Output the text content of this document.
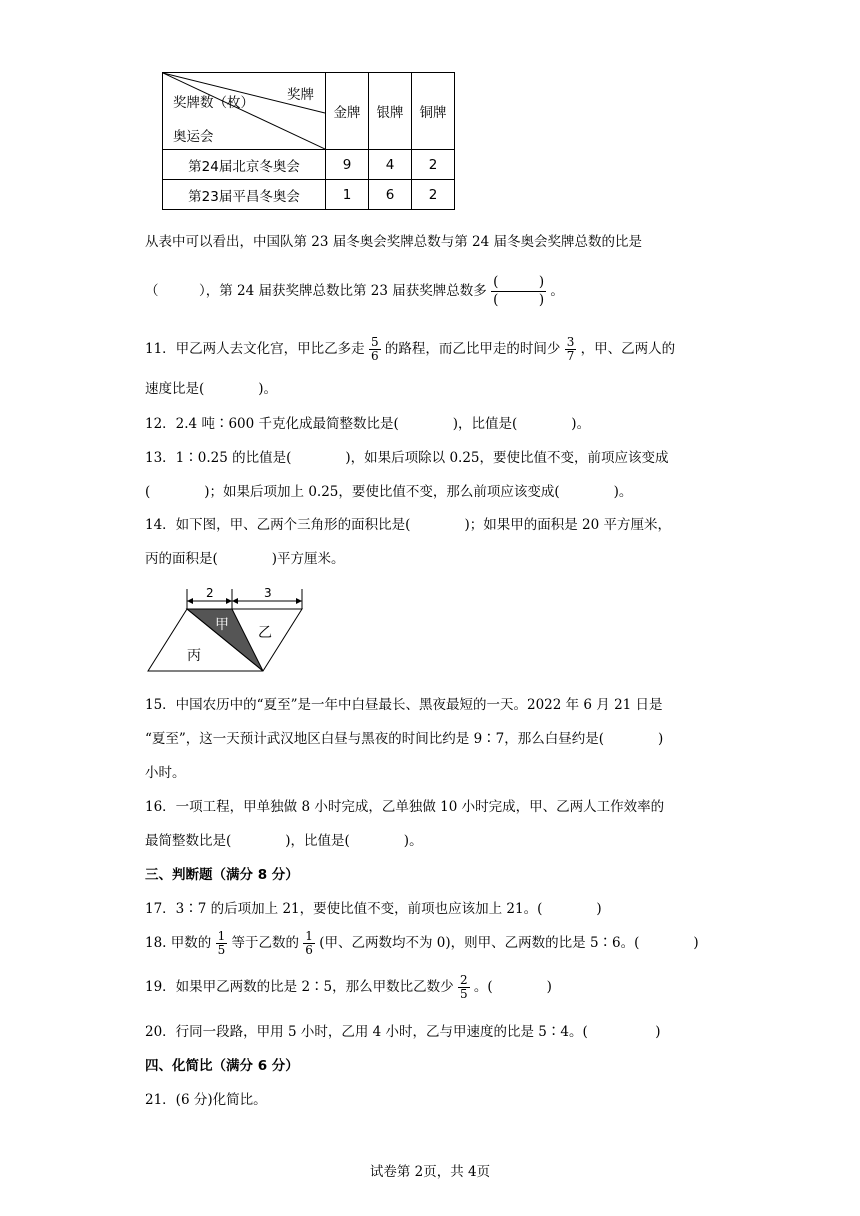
奖牌
奖牌数（枚）
奥运会	金牌	银牌	铜牌
第24届北京冬奥会	9	4	2
第23届平昌冬奥会	1	6	2
从表中可以看出，中国队第 23 届冬奥会奖牌总数与第 24 届冬奥会奖牌总数的比是
（　　　），第 24 届获奖牌总数比第 23 届获奖牌总数多 $\frac{( )}{( )}$ 。
11．甲乙两人去文化宫，甲比乙多走 $\frac{5}{6}$ 的路程，而乙比甲走的时间少 $\frac{3}{7}$ ，甲、乙两人的
速度比是(　　　　)。
12．2.4 吨∶600 千克化成最简整数比是(　　　　)，比值是(　　　　)。
13．1∶0.25 的比值是(　　　　)，如果后项除以 0.25，要使比值不变，前项应该变成
(　　　　)；如果后项加上 0.25，要使比值不变，那么前项应该变成(　　　　)。
14．如下图，甲、乙两个三角形的面积比是(　　　　)；如果甲的面积是 20 平方厘米，
丙的面积是(　　　　)平方厘米。
2	3
甲 乙
丙
15．中国农历中的“夏至”是一年中白昼最长、黑夜最短的一天。2022 年 6 月 21 日是
“夏至”，这一天预计武汉地区白昼与黑夜的时间比约是 9∶7，那么白昼约是(　　　　)
小时。
16．一项工程，甲单独做 8 小时完成，乙单独做 10 小时完成，甲、乙两人工作效率的
最简整数比是(　　　　)，比值是(　　　　)。
三、判断题（满分 8 分）
17．3∶7 的后项加上 21，要使比值不变，前项也应该加上 21。(　　　　)
18. 甲数的 $\frac{1}{5}$ 等于乙数的 $\frac{1}{6}$ (甲、乙两数均不为 0)，则甲、乙两数的比是 5∶6。(　　　　)
19．如果甲乙两数的比是 2∶5，那么甲数比乙数少 $\frac{2}{5}$ 。(　　　　)
20．行同一段路，甲用 5 小时，乙用 4 小时，乙与甲速度的比是 5∶4。(　　　　　)
四、化简比（满分 6 分）
21．(6 分)化简比。
试卷第 2页，共 4页
